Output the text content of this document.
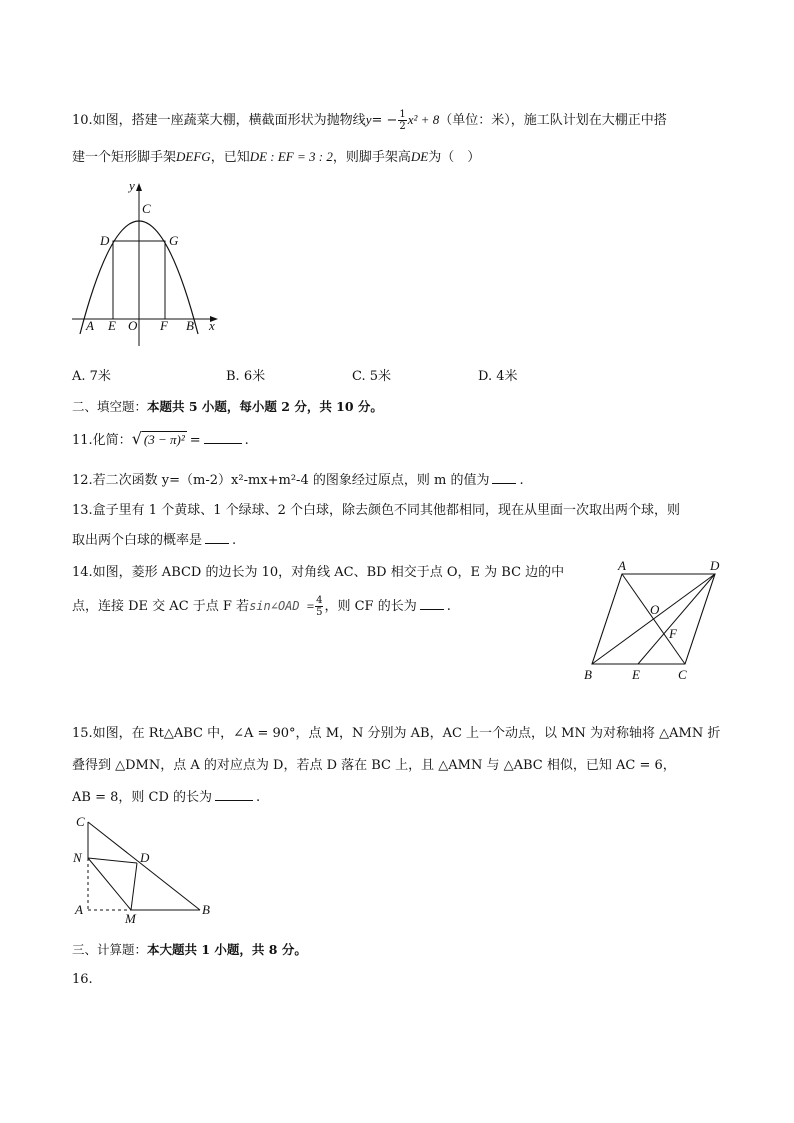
10.如图，搭建一座蔬菜大棚，横截面形状为抛物线$y= - \frac{1}{2} x^2 + 8$（单位：米），施工队计划在大棚正中搭
建一个矩形脚手架DEFG，已知DE : EF = 3 : 2，则脚手架高DE为（　）
y
x
C
D	G
A E O F B
A. 7米	B. 6米	C. 5米	D. 4米
二、填空题：本题共 5 小题，每小题 2 分，共 10 分。
11.化简：√ (3 − π)² =	.
12.若二次函数 y=（m-2）x²-mx+m²-4 的图象经过原点，则 m 的值为 .
13.盒子里有 1 个黄球、1 个绿球、2 个白球，除去颜色不同其他都相同，现在从里面一次取出两个球，则
取出两个白球的概率是 .
14.如图，菱形 ABCD 的边长为 10，对角线 AC、BD 相交于点 O，E 为 BC 边的中
点，连接 DE 交 AC 于点 F 若sin∠OAD = $\frac{4}{5}$ ，则 CF 的长为 .
A	D
O
F
B	E	C
15.如图，在 Rt△ABC 中，∠A = 90°，点 M，N 分别为 AB，AC 上一个动点，以 MN 为对称轴将 △AMN 折
叠得到 △DMN，点 A 的对应点为 D，若点 D 落在 BC 上，且 △AMN 与 △ABC 相似，已知 AC = 6，
AB = 8，则 CD 的长为	.
C
N	D
A
M
B
三、计算题：本大题共 1 小题，共 8 分。
16.
